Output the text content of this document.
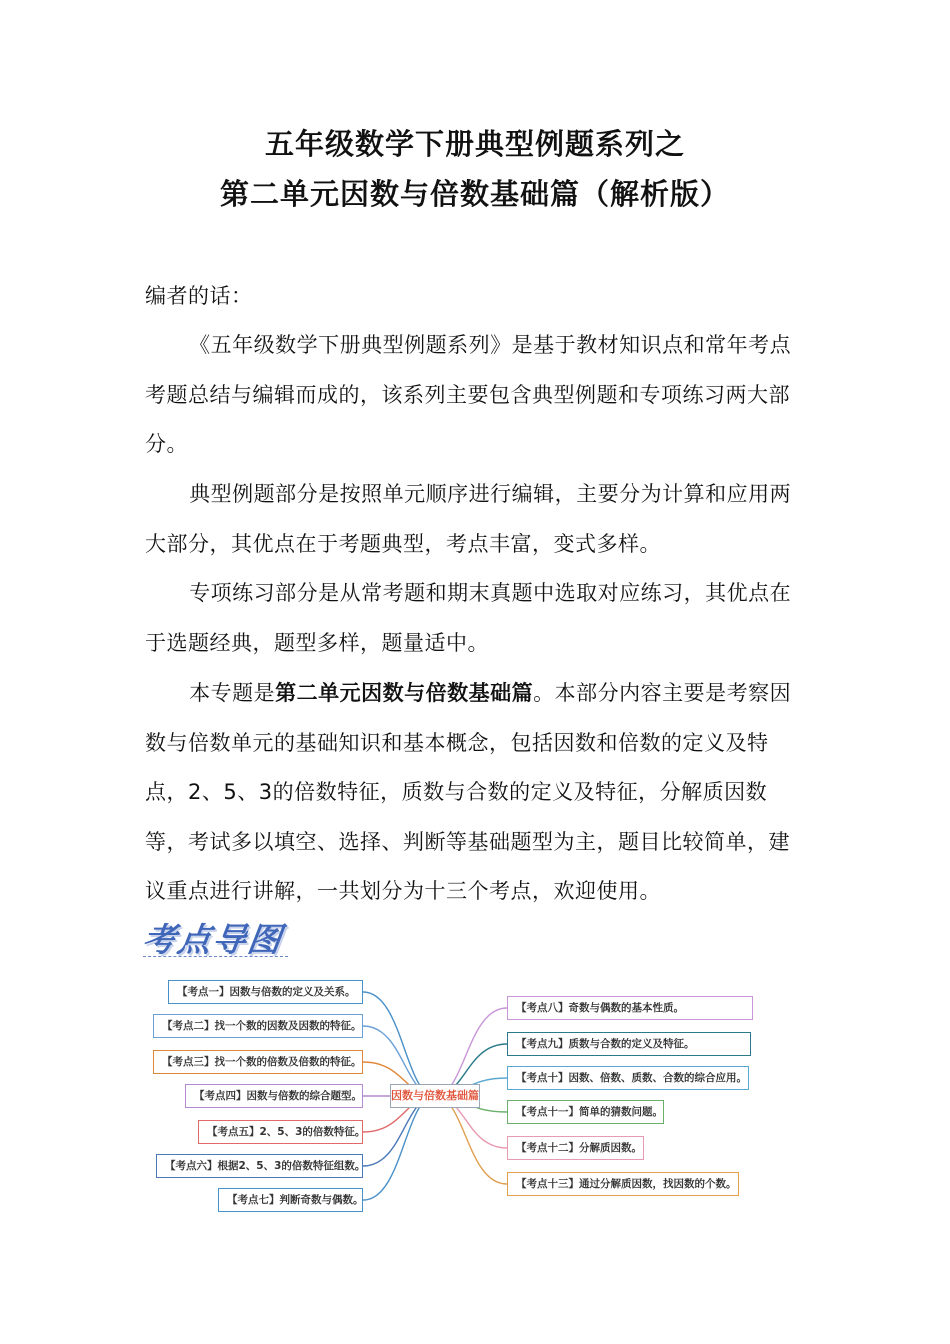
五年级数学下册典型例题系列之
第二单元因数与倍数基础篇（解析版）

编者的话：

《五年级数学下册典型例题系列》是基于教材知识点和常年考点考题总结与编辑而成的，该系列主要包含典型例题和专项练习两大部分。

典型例题部分是按照单元顺序进行编辑，主要分为计算和应用两大部分，其优点在于考题典型，考点丰富，变式多样。

专项练习部分是从常考题和期末真题中选取对应练习，其优点在于选题经典，题型多样，题量适中。

本专题是第二单元因数与倍数基础篇。本部分内容主要是考察因数与倍数单元的基础知识和基本概念，包括因数和倍数的定义及特点，2、5、3的倍数特征，质数与合数的定义及特征，分解质因数等，考试多以填空、选择、判断等基础题型为主，题目比较简单，建议重点进行讲解，一共划分为十三个考点，欢迎使用。

考点导图
因数与倍数基础篇
【考点一】因数与倍数的定义及关系。
【考点二】找一个数的因数及因数的特征。
【考点三】找一个数的倍数及倍数的特征。
【考点四】因数与倍数的综合题型。
【考点五】2、5、3的倍数特征。
【考点六】根据2、5、3的倍数特征组数。
【考点七】判断奇数与偶数。
【考点八】奇数与偶数的基本性质。
【考点九】质数与合数的定义及特征。
【考点十】因数、倍数、质数、合数的综合应用。
【考点十一】简单的猜数问题。
【考点十二】分解质因数。
【考点十三】通过分解质因数，找因数的个数。
